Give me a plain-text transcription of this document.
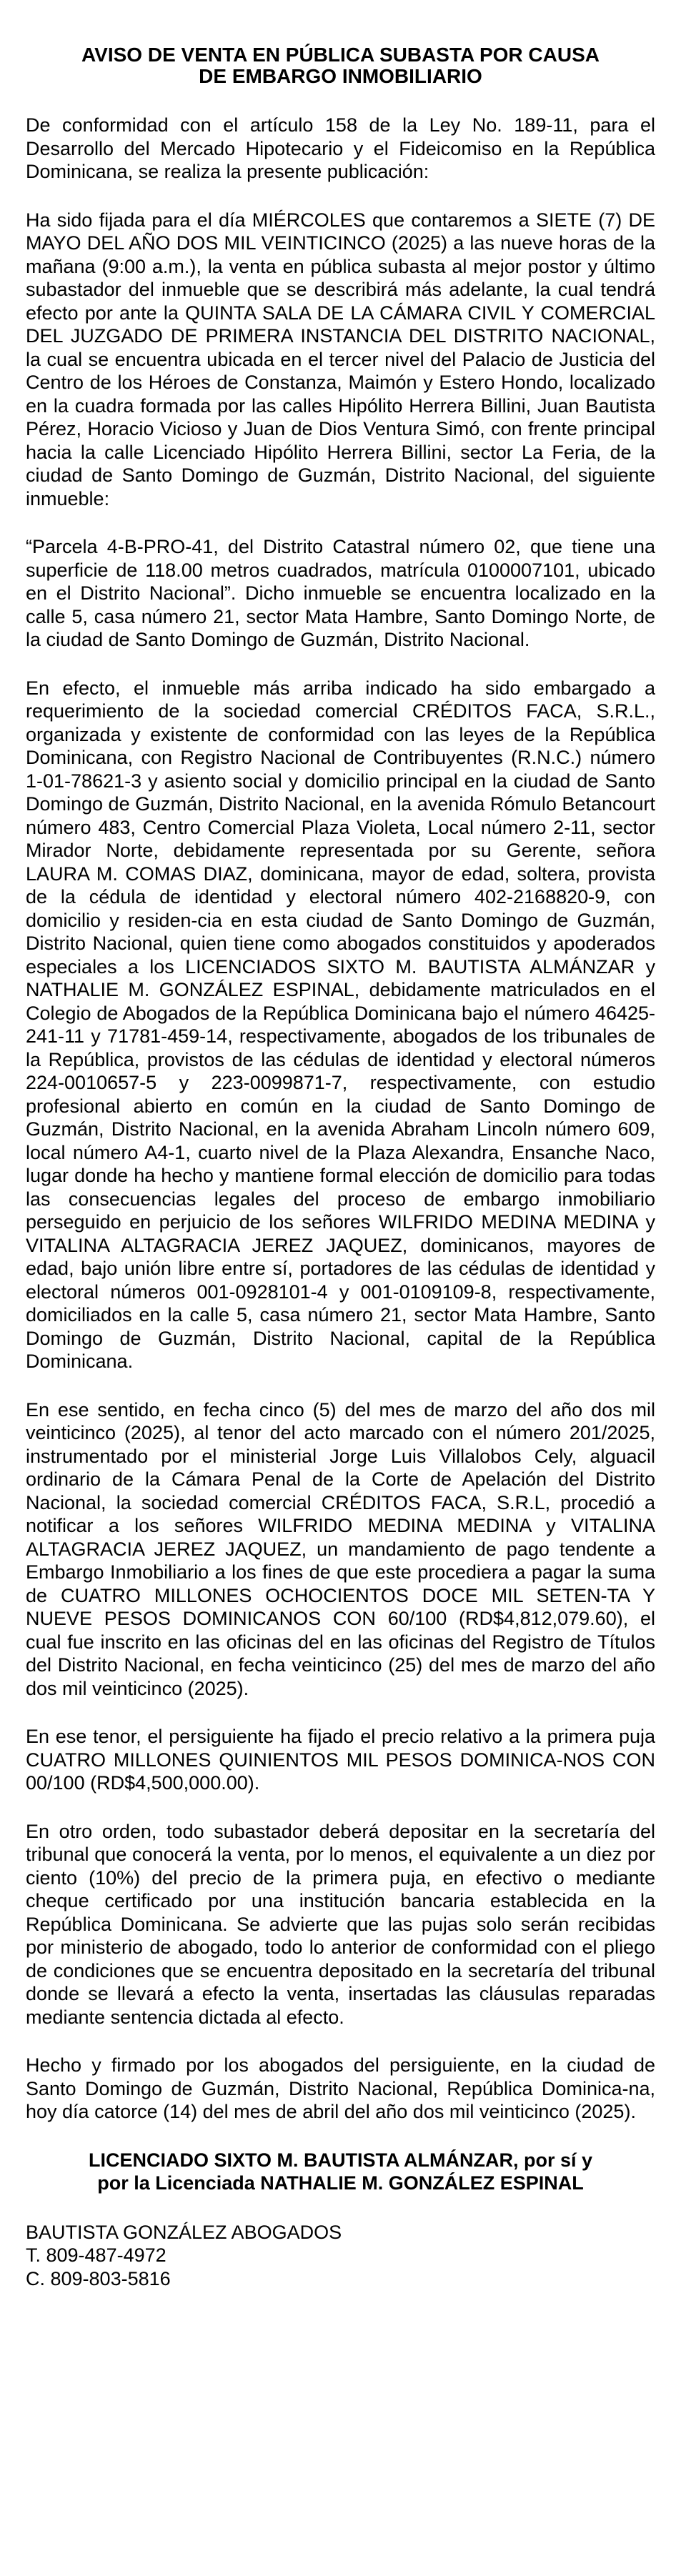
AVISO DE VENTA EN PÚBLICA SUBASTA POR CAUSA
DE EMBARGO INMOBILIARIO

De conformidad con el artículo 158 de la Ley No. 189-11, para el Desarrollo del Mercado Hipotecario y el Fideicomiso en la República Dominicana, se realiza la presente publicación:

Ha sido fijada para el día MIÉRCOLES que contaremos a SIETE (7) DE MAYO DEL AÑO DOS MIL VEINTICINCO (2025) a las nueve horas de la mañana (9:00 a.m.), la venta en pública subasta al mejor postor y último subastador del inmueble que se describirá más adelante, la cual tendrá efecto por ante la QUINTA SALA DE LA CÁMARA CIVIL Y COMERCIAL DEL JUZGADO DE PRIMERA INSTANCIA DEL DISTRITO NACIONAL, la cual se encuentra ubicada en el tercer nivel del Palacio de Justicia del Centro de los Héroes de Constanza, Maimón y Estero Hondo, localizado en la cuadra formada por las calles Hipólito Herrera Billini, Juan Bautista Pérez, Horacio Vicioso y Juan de Dios Ventura Simó, con frente principal hacia la calle Licenciado Hipólito Herrera Billini, sector La Feria, de la ciudad de Santo Domingo de Guzmán, Distrito Nacional, del siguiente inmueble:

“Parcela 4-B-PRO-41, del Distrito Catastral número 02, que tiene una superficie de 118.00 metros cuadrados, matrícula 0100007101, ubicado en el Distrito Nacional”. Dicho inmueble se encuentra localizado en la calle 5, casa número 21, sector Mata Hambre, Santo Domingo Norte, de la ciudad de Santo Domingo de Guzmán, Distrito Nacional.

En efecto, el inmueble más arriba indicado ha sido embargado a requerimiento de la sociedad comercial CRÉDITOS FACA, S.R.L., organizada y existente de conformidad con las leyes de la República Dominicana, con Registro Nacional de Contribuyentes (R.N.C.) número 1-01-78621-3 y asiento social y domicilio principal en la ciudad de Santo Domingo de Guzmán, Distrito Nacional, en la avenida Rómulo Betancourt número 483, Centro Comercial Plaza Violeta, Local número 2-11, sector Mirador Norte, debidamente representada por su Gerente, señora LAURA M. COMAS DIAZ, dominicana, mayor de edad, soltera, provista de la cédula de identidad y electoral número 402-2168820-9, con domicilio y residen-cia en esta ciudad de Santo Domingo de Guzmán, Distrito Nacional, quien tiene como abogados constituidos y apoderados especiales a los LICENCIADOS SIXTO M. BAUTISTA ALMÁNZAR y NATHALIE M. GONZÁLEZ ESPINAL, debidamente matriculados en el Colegio de Abogados de la República Dominicana bajo el número 46425-241-11 y 71781-459-14, respectivamente, abogados de los tribunales de la República, provistos de las cédulas de identidad y electoral números 224-0010657-5 y 223-0099871-7, respectivamente, con estudio profesional abierto en común en la ciudad de Santo Domingo de Guzmán, Distrito Nacional, en la avenida Abraham Lincoln número 609, local número A4-1, cuarto nivel de la Plaza Alexandra, Ensanche Naco, lugar donde ha hecho y mantiene formal elección de domicilio para todas las consecuencias legales del proceso de embargo inmobiliario perseguido en perjuicio de los señores WILFRIDO MEDINA MEDINA y VITALINA ALTAGRACIA JEREZ JAQUEZ, dominicanos, mayores de edad, bajo unión libre entre sí, portadores de las cédulas de identidad y electoral números 001-0928101-4 y 001-0109109-8, respectivamente, domiciliados en la calle 5, casa número 21, sector Mata Hambre, Santo Domingo de Guzmán, Distrito Nacional, capital de la República Dominicana.

En ese sentido, en fecha cinco (5) del mes de marzo del año dos mil veinticinco (2025), al tenor del acto marcado con el número 201/2025, instrumentado por el ministerial Jorge Luis Villalobos Cely, alguacil ordinario de la Cámara Penal de la Corte de Apelación del Distrito Nacional, la sociedad comercial CRÉDITOS FACA, S.R.L, procedió a notificar a los señores WILFRIDO MEDINA MEDINA y VITALINA ALTAGRACIA JEREZ JAQUEZ, un mandamiento de pago tendente a Embargo Inmobiliario a los fines de que este procediera a pagar la suma de CUATRO MILLONES OCHOCIENTOS DOCE MIL SETEN-TA Y NUEVE PESOS DOMINICANOS CON 60/100 (RD$4,812,079.60), el cual fue inscrito en las oficinas del en las oficinas del Registro de Títulos del Distrito Nacional, en fecha veinticinco (25) del mes de marzo del año dos mil veinticinco (2025).

En ese tenor, el persiguiente ha fijado el precio relativo a la primera puja CUATRO MILLONES QUINIENTOS MIL PESOS DOMINICA-NOS CON 00/100 (RD$4,500,000.00).

En otro orden, todo subastador deberá depositar en la secretaría del tribunal que conocerá la venta, por lo menos, el equivalente a un diez por ciento (10%) del precio de la primera puja, en efectivo o mediante cheque certificado por una institución bancaria establecida en la República Dominicana. Se advierte que las pujas solo serán recibidas por ministerio de abogado, todo lo anterior de conformidad con el pliego de condiciones que se encuentra depositado en la secretaría del tribunal donde se llevará a efecto la venta, insertadas las cláusulas reparadas mediante sentencia dictada al efecto.

Hecho y firmado por los abogados del persiguiente, en la ciudad de Santo Domingo de Guzmán, Distrito Nacional, República Dominica-na, hoy día catorce (14) del mes de abril del año dos mil veinticinco (2025).

LICENCIADO SIXTO M. BAUTISTA ALMÁNZAR, por sí y
por la Licenciada NATHALIE M. GONZÁLEZ ESPINAL
BAUTISTA GONZÁLEZ ABOGADOS
T. 809-487-4972
C. 809-803-5816
